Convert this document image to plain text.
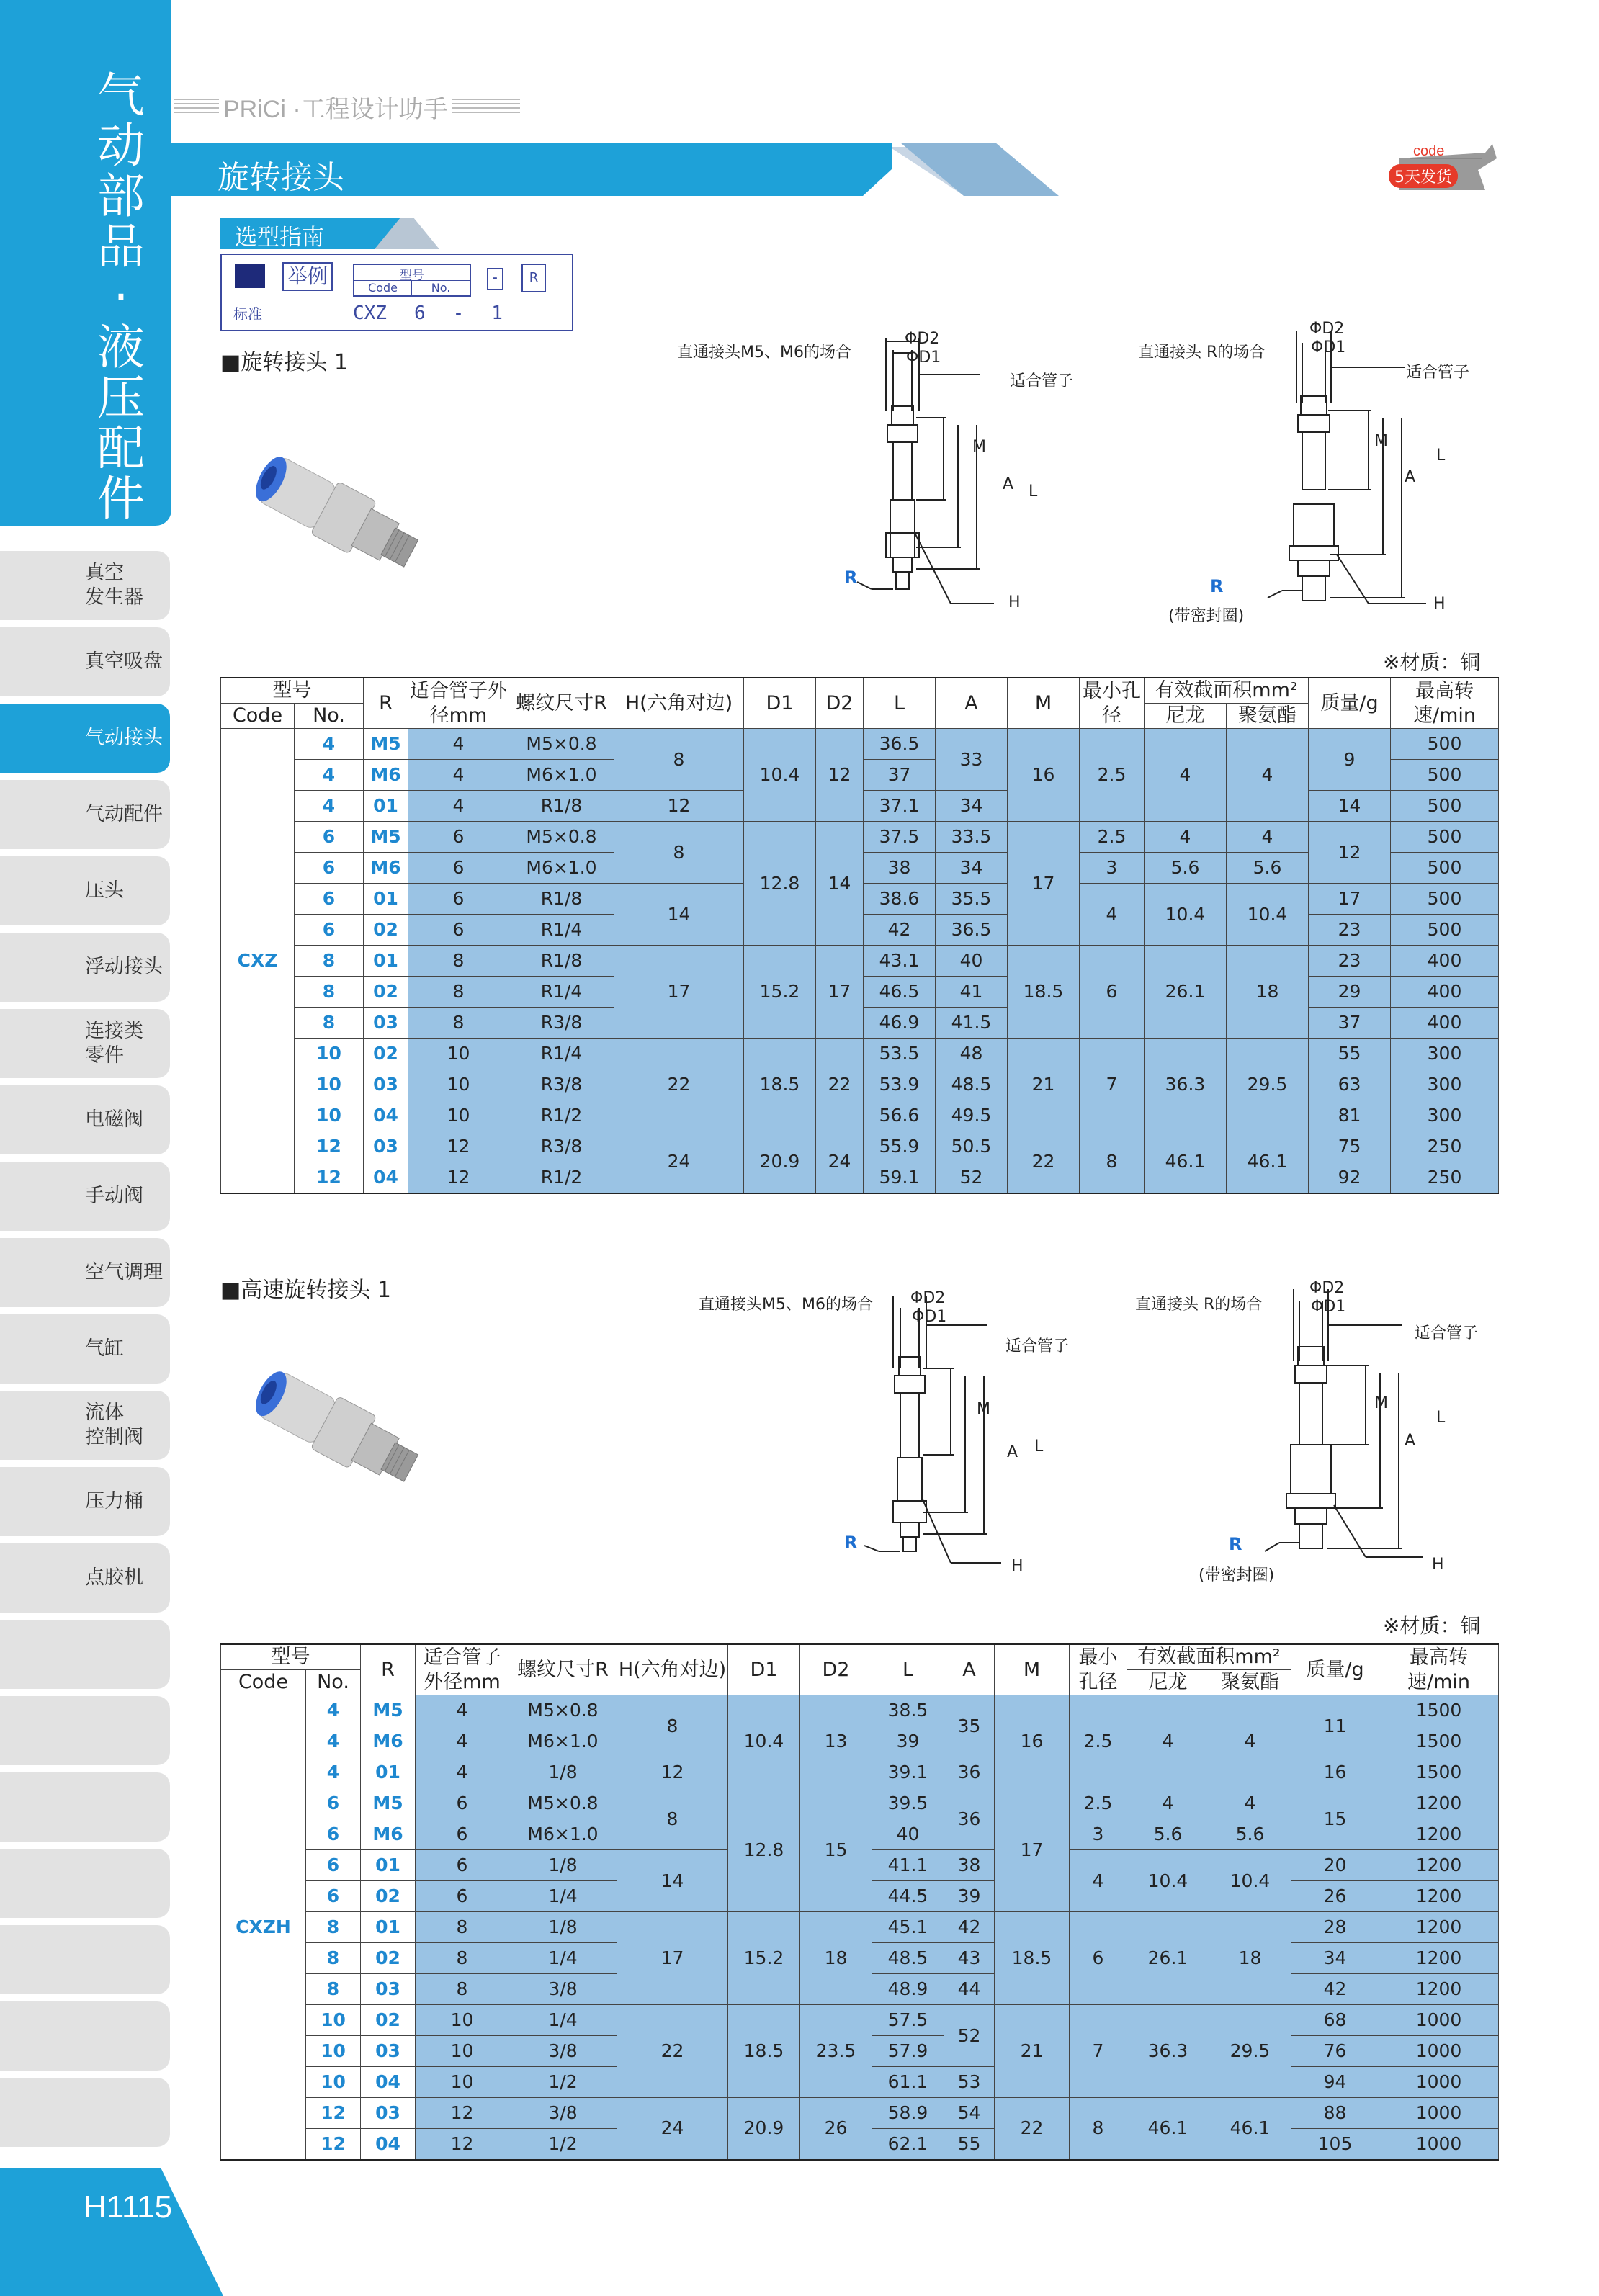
气动部品·液压配件
真空
发生器
真空吸盘
气动接头
气动配件
压头
浮动接头
连接类
零件
电磁阀
手动阀
空气调理
气缸
流体
控制阀
压力桶
点胶机
H1115
PRiCi ·工程设计助手
旋转接头
code
5天发货
选型指南
举例
标准
型号
Code	No.
-	R
CXZ 6 - 1
■旋转接头 1	直通接头M5、M6的场合	直通接头 R的场合
ΦD2
ΦD1
适合管子
M
A L
H
R
ΦD2
ΦD1
适合管子
M
A
L
H
R
(带密封圈)
※材质：铜
型号		R	适合管子外径mm	螺纹尺寸R	H(六角对边)	D1	D2	L	A	M	最小孔径	有效截面积mm²		质量/g	最高转速/min
Code	No.											尼龙	聚氨酯		
CXZ	4	M5	4	M5×0.8	8	10.4	12	36.5	33	16	2.5	4	4	9	500
	4	M6	4	M6×1.0				37							500
	4	01	4	R1/8	12			37.1	34					14	500
	6	M5	6	M5×0.8	8	12.8	14	37.5	33.5	17	2.5	4	4	12	500
	6	M6	6	M6×1.0				38	34		3	5.6	5.6		500
	6	01	6	R1/8	14			38.6	35.5		4	10.4	10.4	17	500
	6	02	6	R1/4				42	36.5					23	500
	8	01	8	R1/8	17	15.2	17	43.1	40	18.5	6	26.1	18	23	400
	8	02	8	R1/4				46.5	41					29	400
	8	03	8	R3/8				46.9	41.5					37	400
	10	02	10	R1/4	22	18.5	22	53.5	48	21	7	36.3	29.5	55	300
	10	03	10	R3/8				53.9	48.5					63	300
	10	04	10	R1/2				56.6	49.5					81	300
	12	03	12	R3/8	24	20.9	24	55.9	50.5	22	8	46.1	46.1	75	250
	12	04	12	R1/2				59.1	52					92	250
■高速旋转接头 1
直通接头M5、M6的场合	直通接头 R的场合
ΦD2
ΦD1
适合管子
M
A L
H
R
ΦD2
ΦD1
适合管子
M
A
L
H
R
(带密封圈)
※材质：铜
型号		R	适合管子外径mm	螺纹尺寸R	H(六角对边)	D1	D2	L	A	M	最小孔径	有效截面积mm²		质量/g	最高转速/min
Code	No.											尼龙	聚氨酯		
CXZH	4	M5	4	M5×0.8	8	10.4	13	38.5	35	16	2.5	4	4	11	1500
	4	M6	4	M6×1.0				39							1500
	4	01	4	1/8	12			39.1	36					16	1500
	6	M5	6	M5×0.8	8	12.8	15	39.5	36	17	2.5	4	4	15	1200
	6	M6	6	M6×1.0				40			3	5.6	5.6		1200
	6	01	6	1/8	14			41.1	38		4	10.4	10.4	20	1200
	6	02	6	1/4				44.5	39					26	1200
	8	01	8	1/8	17	15.2	18	45.1	42	18.5	6	26.1	18	28	1200
	8	02	8	1/4				48.5	43					34	1200
	8	03	8	3/8				48.9	44					42	1200
	10	02	10	1/4	22	18.5	23.5	57.5	52	21	7	36.3	29.5	68	1000
	10	03	10	3/8				57.9						76	1000
	10	04	10	1/2				61.1	53					94	1000
	12	03	12	3/8	24	20.9	26	58.9	54	22	8	46.1	46.1	88	1000
	12	04	12	1/2				62.1	55					105	1000
